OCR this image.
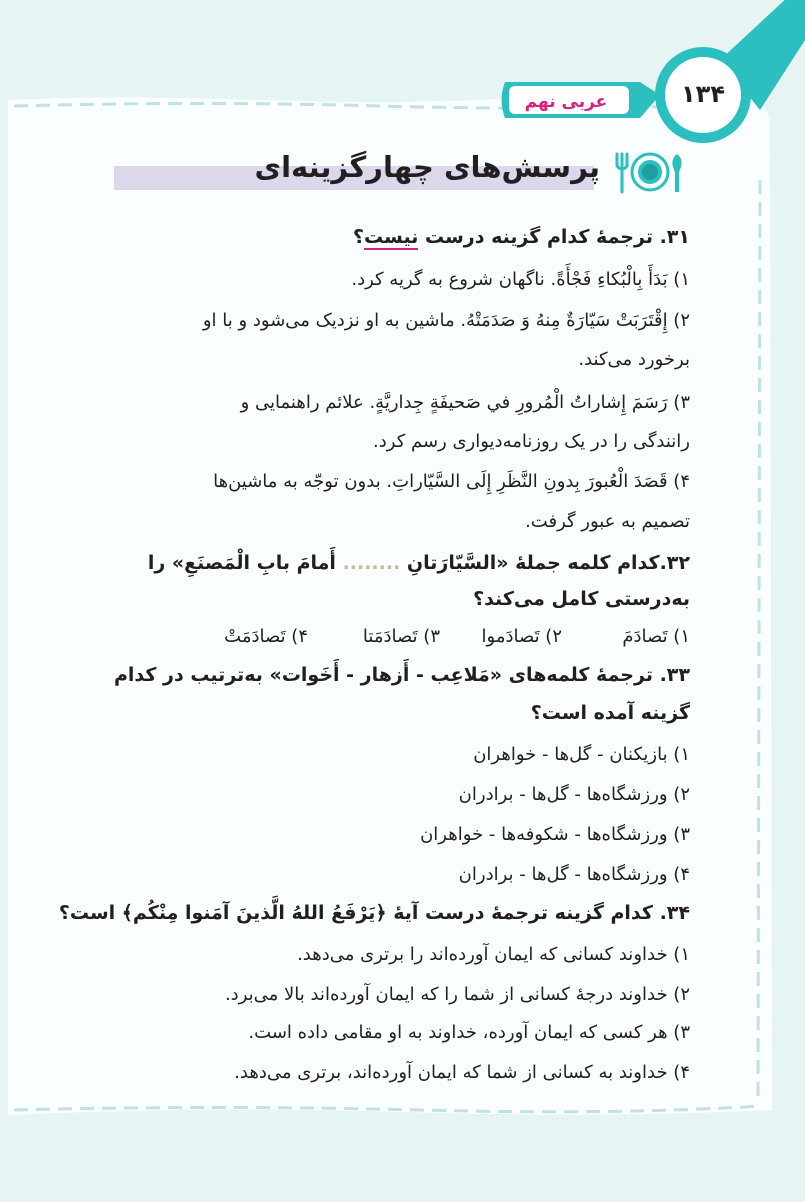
۱۳۴
عربی نهم
پرسش‌های چهارگزینه‌ای
۳۱. ترجمهٔ کدام گزینه درست نیست؟
۱) بَدَأَ بِالْبُکاءِ فَجْأَةً. ناگهان شروع به گریه کرد.
۲) إِقْتَرَبَتْ سَیّارَةٌ مِنهُ وَ صَدَمَتْهُ. ماشین به او نزدیک می‌شود و با او
برخورد می‌کند.
۳) رَسَمَ إِشاراتُ الْمُرورِ في صَحیفَةٍ جِداریَّةٍ. علائم راهنمایی و
رانندگی را در یک روزنامه‌دیواری رسم کرد.
۴) قَصَدَ الْعُبورَ بِدونِ النَّظَرِ إِلَی السَّیّاراتِ. بدون توجّه به ماشین‌ها
تصمیم به عبور گرفت.
۳۲.کدام کلمه جملهٔ «السَّیّارَتانِ ........ أَمامَ بابِ الْمَصنَعِ» را
به‌درستی کامل می‌کند؟
۱) تَصادَمَ۲) تَصادَموا۳) تَصادَمَتا۴) تَصادَمَتْ
۳۳. ترجمهٔ کلمه‌های «مَلاعِب - أَزهار - أَخَوات» به‌ترتیب در کدام
گزینه آمده است؟
۱) بازیکنان - گل‌ها - خواهران
۲) ورزشگاه‌ها - گل‌ها - برادران
۳) ورزشگاه‌ها - شکوفه‌ها - خواهران
۴) ورزشگاه‌ها - گل‌ها - برادران
۳۴. کدام گزینه ترجمهٔ درست آیهٔ ﴿یَرْفَعُ اللهُ الَّذینَ آمَنوا مِنْکُم﴾ است؟
۱) خداوند کسانی که ایمان آورده‌اند را برتری می‌دهد.
۲) خداوند درجهٔ کسانی از شما را که ایمان آورده‌اند بالا می‌برد.
۳) هر کسی که ایمان آورده، خداوند به او مقامی داده است.
۴) خداوند به کسانی از شما که ایمان آورده‌اند، برتری می‌دهد.
